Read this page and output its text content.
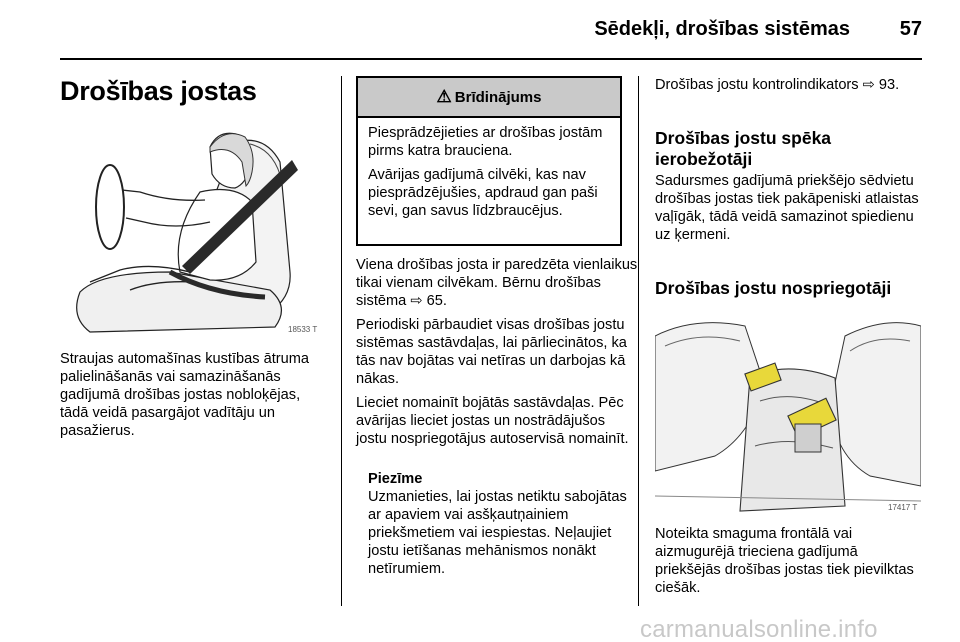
Sēdekļi, drošības sistēmas	57
Drošības jostas
18533 T

Straujas automašīnas kustības ātruma palielināšanās vai samazināšanās gadījumā drošības jostas nobloķējas, tādā veidā pasargājot vadītāju un pasažierus.

⚠ Brīdinājums

Piesprādzējieties ar drošības jostām pirms katra brauciena.

Avārijas gadījumā cilvēki, kas nav piesprādzējušies, apdraud gan paši sevi, gan savus līdzbraucējus.

Viena drošības josta ir paredzēta vienlaikus tikai vienam cilvēkam. Bērnu drošības sistēma ⇨ 65.

Periodiski pārbaudiet visas drošības jostu sistēmas sastāvdaļas, lai pārliecinātos, ka tās nav bojātas vai netīras un darbojas kā nākas.

Lieciet nomainīt bojātās sastāvdaļas. Pēc avārijas lieciet jostas un nostrādājušos jostu nospriegotājus autoservisā nomainīt.

Piezīme
Uzmanieties, lai jostas netiktu sabojātas ar apaviem vai asšķautņainiem priekšmetiem vai iespiestas. Neļaujiet jostu ietīšanas mehānismos nonākt netīrumiem.

Drošības jostu kontrolindikators ⇨ 93.

Drošības jostu spēka ierobežotāji

Sadursmes gadījumā priekšējo sēdvietu drošības jostas tiek pakāpeniski atlaistas vaļīgāk, tādā veidā samazinot spiedienu uz ķermeni.

Drošības jostu nospriegotāji
17417 T

Noteikta smaguma frontālā vai aizmugurējā trieciena gadījumā priekšējās drošības jostas tiek pievilktas ciešāk.

carmanualsonline.info
